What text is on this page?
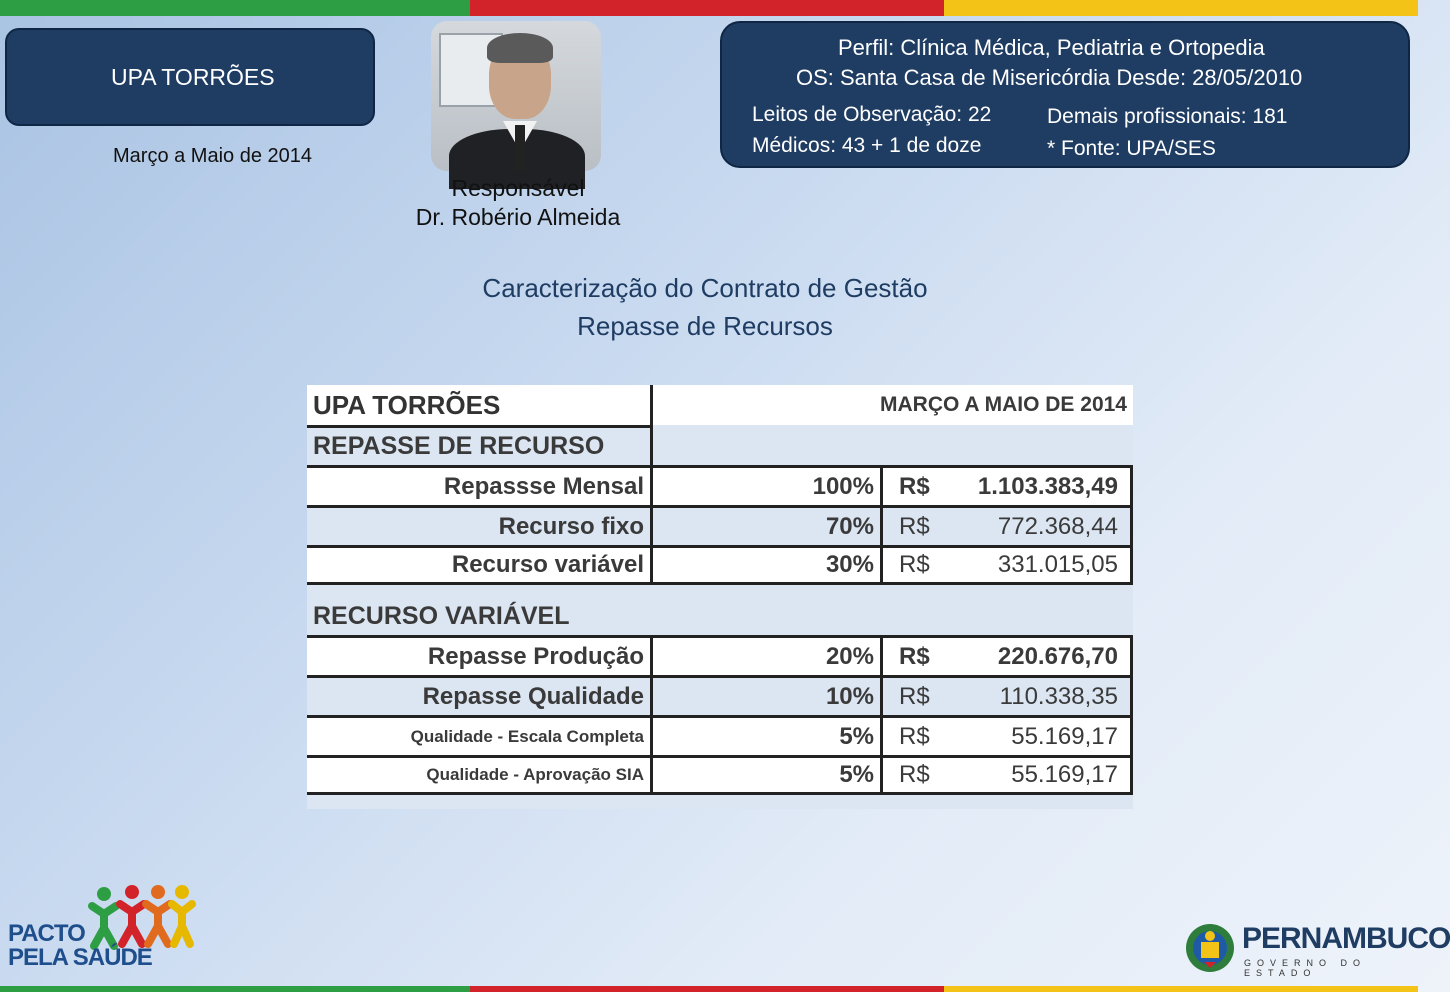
UPA TORRÕES
Março a Maio de 2014
Responsável
Dr. Robério Almeida
Perfil: Clínica Médica, Pediatria e Ortopedia
OS: Santa Casa de Misericórdia Desde: 28/05/2010
Leitos de Observação: 22
Médicos: 43 + 1 de doze
Demais profissionais: 181
* Fonte: UPA/SES
Caracterização do Contrato de Gestão
Repasse de Recursos
UPA TORRÕES	MARÇO A MAIO DE 2014
REPASSE DE RECURSO
Repassse Mensal	100%	R$	1.103.383,49
Recurso fixo	70%	R$	772.368,44
Recurso variável	30%	R$	331.015,05
RECURSO VARIÁVEL
Repasse Produção	20%	R$	220.676,70
Repasse Qualidade	10%	R$	110.338,35
Qualidade - Escala Completa	5%	R$	55.169,17
Qualidade - Aprovação SIA	5%	R$	55.169,17
PACTO
PELA SAÚDE
PERNAMBUCO
GOVERNO DO ESTADO
